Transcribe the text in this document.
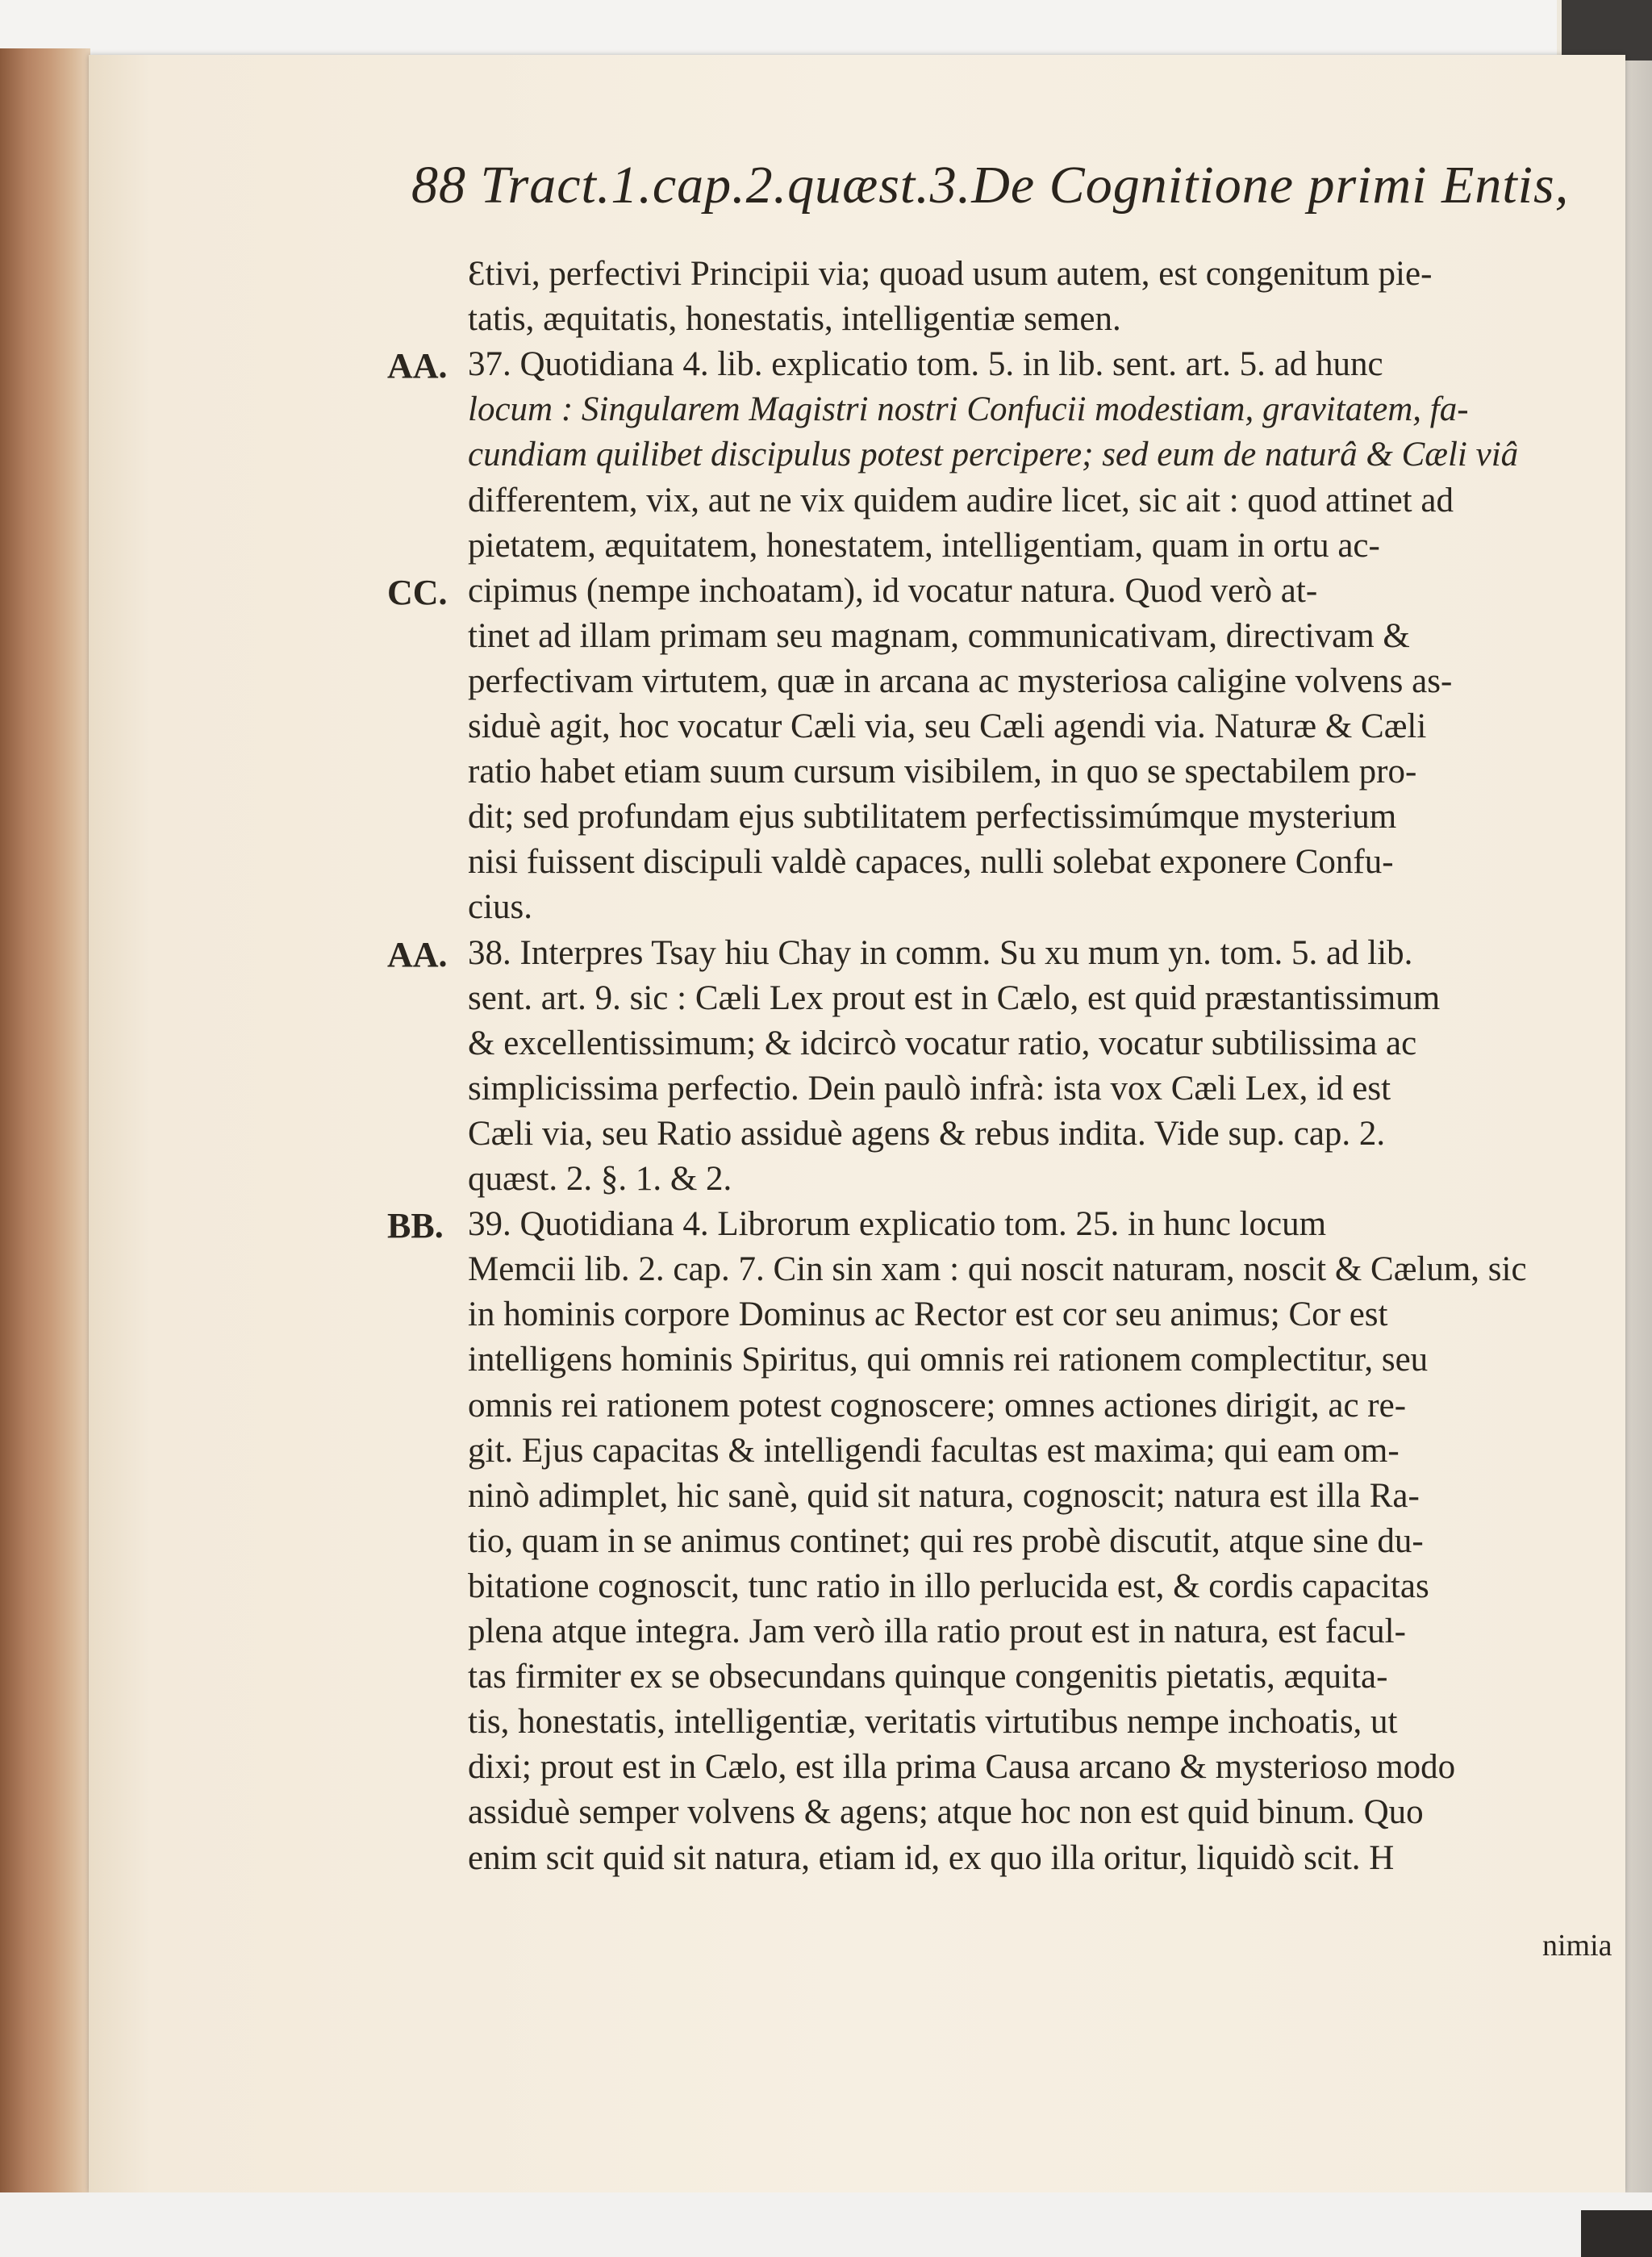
88 Tract.1.cap.2.quæst.3.De Cognitione primi Entis,
Ɛtivi, perfectivi Principii via; quoad usum autem, est congenitum pie-
tatis, æquitatis, honestatis, intelligentiæ semen.
AA. 37. Quotidiana 4. lib. explicatio tom. 5. in lib. sent. art. 5. ad hunc
locum : Singularem Magistri nostri Confucii modestiam, gravitatem, fa-
cundiam quilibet discipulus potest percipere; sed eum de naturâ & Cæli viâ
differentem, vix, aut ne vix quidem audire licet, sic ait : quod attinet ad
pietatem, æquitatem, honestatem, intelligentiam, quam in ortu ac-
CC. cipimus (nempe inchoatam), id vocatur natura. Quod verò at-
tinet ad illam primam seu magnam, communicativam, directivam &
perfectivam virtutem, quæ in arcana ac mysteriosa caligine volvens as-
siduè agit, hoc vocatur Cæli via, seu Cæli agendi via. Naturæ & Cæli
ratio habet etiam suum cursum visibilem, in quo se spectabilem pro-
dit; sed profundam ejus subtilitatem perfectissimúmque mysterium
nisi fuissent discipuli valdè capaces, nulli solebat exponere Confu-
cius.
AA. 38. Interpres Tsay hiu Chay in comm. Su xu mum yn. tom. 5. ad lib.
sent. art. 9. sic : Cæli Lex prout est in Cælo, est quid præstantissimum
& excellentissimum; & idcircò vocatur ratio, vocatur subtilissima ac
simplicissima perfectio. Dein paulò infrà: ista vox Cæli Lex, id est
Cæli via, seu Ratio assiduè agens & rebus indita. Vide sup. cap. 2.
quæst. 2. §. 1. & 2.
BB. 39. Quotidiana 4. Librorum explicatio tom. 25. in hunc locum
Memcii lib. 2. cap. 7. Cin sin xam : qui noscit naturam, noscit & Cælum, sic
in hominis corpore Dominus ac Rector est cor seu animus; Cor est
intelligens hominis Spiritus, qui omnis rei rationem complectitur, seu
omnis rei rationem potest cognoscere; omnes actiones dirigit, ac re-
git. Ejus capacitas & intelligendi facultas est maxima; qui eam om-
ninò adimplet, hic sanè, quid sit natura, cognoscit; natura est illa Ra-
tio, quam in se animus continet; qui res probè discutit, atque sine du-
bitatione cognoscit, tunc ratio in illo perlucida est, & cordis capacitas
plena atque integra. Jam verò illa ratio prout est in natura, est facul-
tas firmiter ex se obsecundans quinque congenitis pietatis, æquita-
tis, honestatis, intelligentiæ, veritatis virtutibus nempe inchoatis, ut
dixi; prout est in Cælo, est illa prima Causa arcano & mysterioso modo
assiduè semper volvens & agens; atque hoc non est quid binum. Quo
enim scit quid sit natura, etiam id, ex quo illa oritur, liquidò scit. H
nimia
